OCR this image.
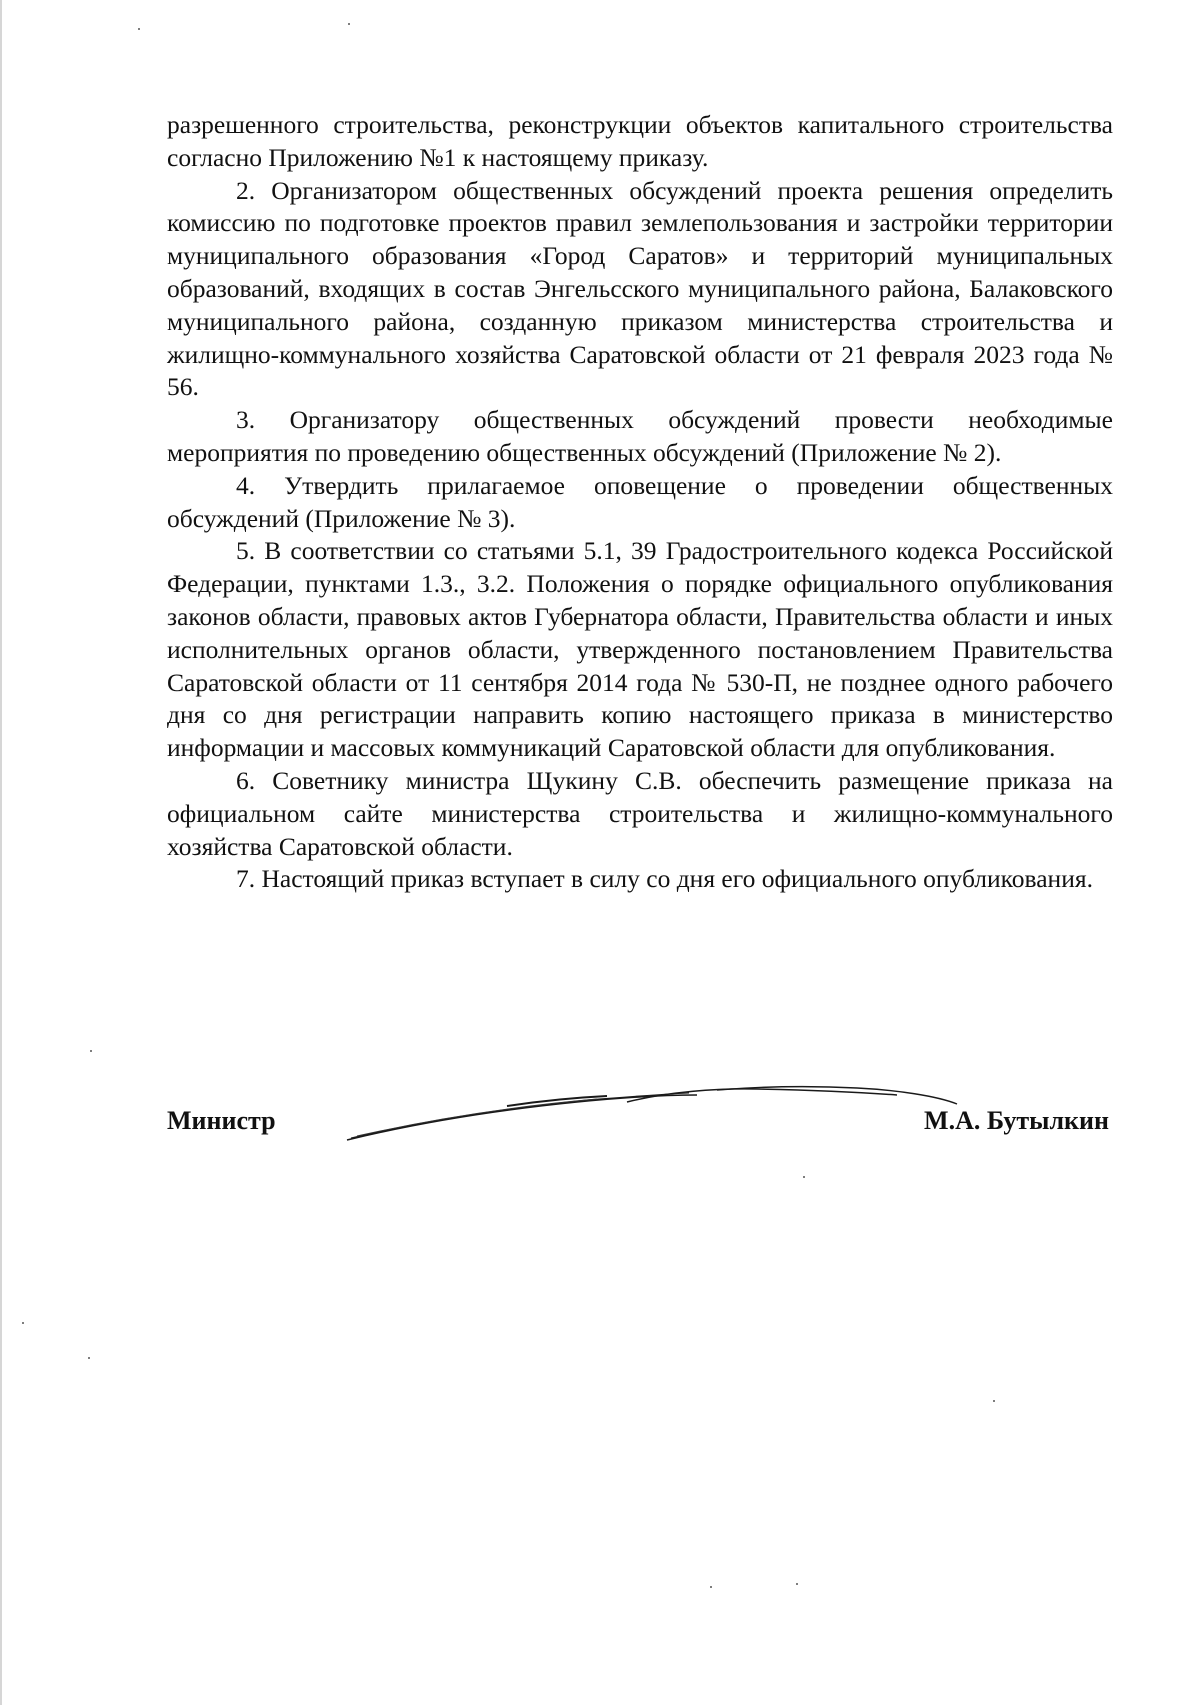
разрешенного строительства, реконструкции объектов капитального строительства согласно Приложению №1 к настоящему приказу.

2. Организатором общественных обсуждений проекта решения определить комиссию по подготовке проектов правил землепользования и застройки территории муниципального образования «Город Саратов» и территорий муниципальных образований, входящих в состав Энгельсского муниципального района, Балаковского муниципального района, созданную приказом министерства строительства и жилищно-коммунального хозяйства Саратовской области от 21 февраля 2023 года № 56.

3. Организатору общественных обсуждений провести необходимые мероприятия по проведению общественных обсуждений (Приложение № 2).

4. Утвердить прилагаемое оповещение о проведении общественных обсуждений (Приложение № 3).

5. В соответствии со статьями 5.1, 39 Градостроительного кодекса Российской Федерации, пунктами 1.3., 3.2. Положения о порядке официального опубликования законов области, правовых актов Губернатора области, Правительства области и иных исполнительных органов области, утвержденного постановлением Правительства Саратовской области от 11 сентября 2014 года № 530-П, не позднее одного рабочего дня со дня регистрации направить копию настоящего приказа в министерство информации и массовых коммуникаций Саратовской области для опубликования.

6. Советнику министра Щукину С.В. обеспечить размещение приказа на официальном сайте министерства строительства и жилищно-коммунального хозяйства Саратовской области.

7. Настоящий приказ вступает в силу со дня его официального опубликования.

Министр	М.А. Бутылкин
